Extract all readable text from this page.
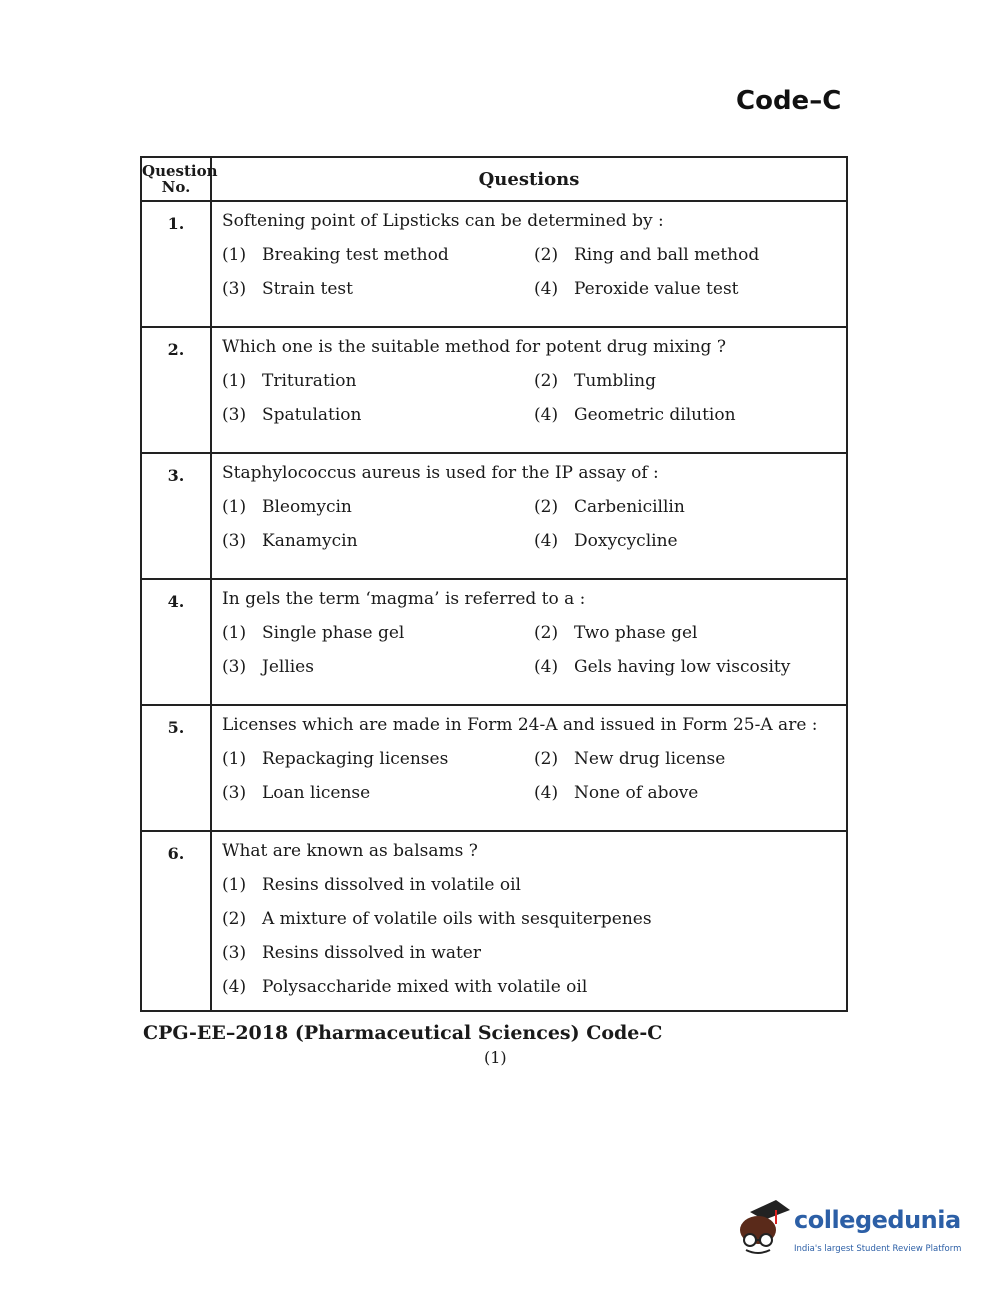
Code–C
Question No.	Questions
1.	Softening point of Lipsticks can be determined by :
(1) Breaking test method (2) Ring and ball method
(3) Strain test (4) Peroxide value test

2.	Which one is the suitable method for potent drug mixing ?
(1) Trituration (2) Tumbling
(3) Spatulation (4) Geometric dilution

3.	Staphylococcus aureus is used for the IP assay of :
(1) Bleomycin (2) Carbenicillin
(3) Kanamycin (4) Doxycycline

4.	In gels the term ‘magma’ is referred to a :
(1) Single phase gel (2) Two phase gel
(3) Jellies (4) Gels having low viscosity

5.	Licenses which are made in Form 24-A and issued in Form 25-A are :
(1) Repackaging licenses (2) New drug license
(3) Loan license (4) None of above

6.	What are known as balsams ?
(1) Resins dissolved in volatile oil
(2) A mixture of volatile oils with sesquiterpenes
(3) Resins dissolved in water
(4) Polysaccharide mixed with volatile oil
CPG-EE–2018 (Pharmaceutical Sciences) Code-C
(1)
collegedunia
India's largest Student Review Platform
